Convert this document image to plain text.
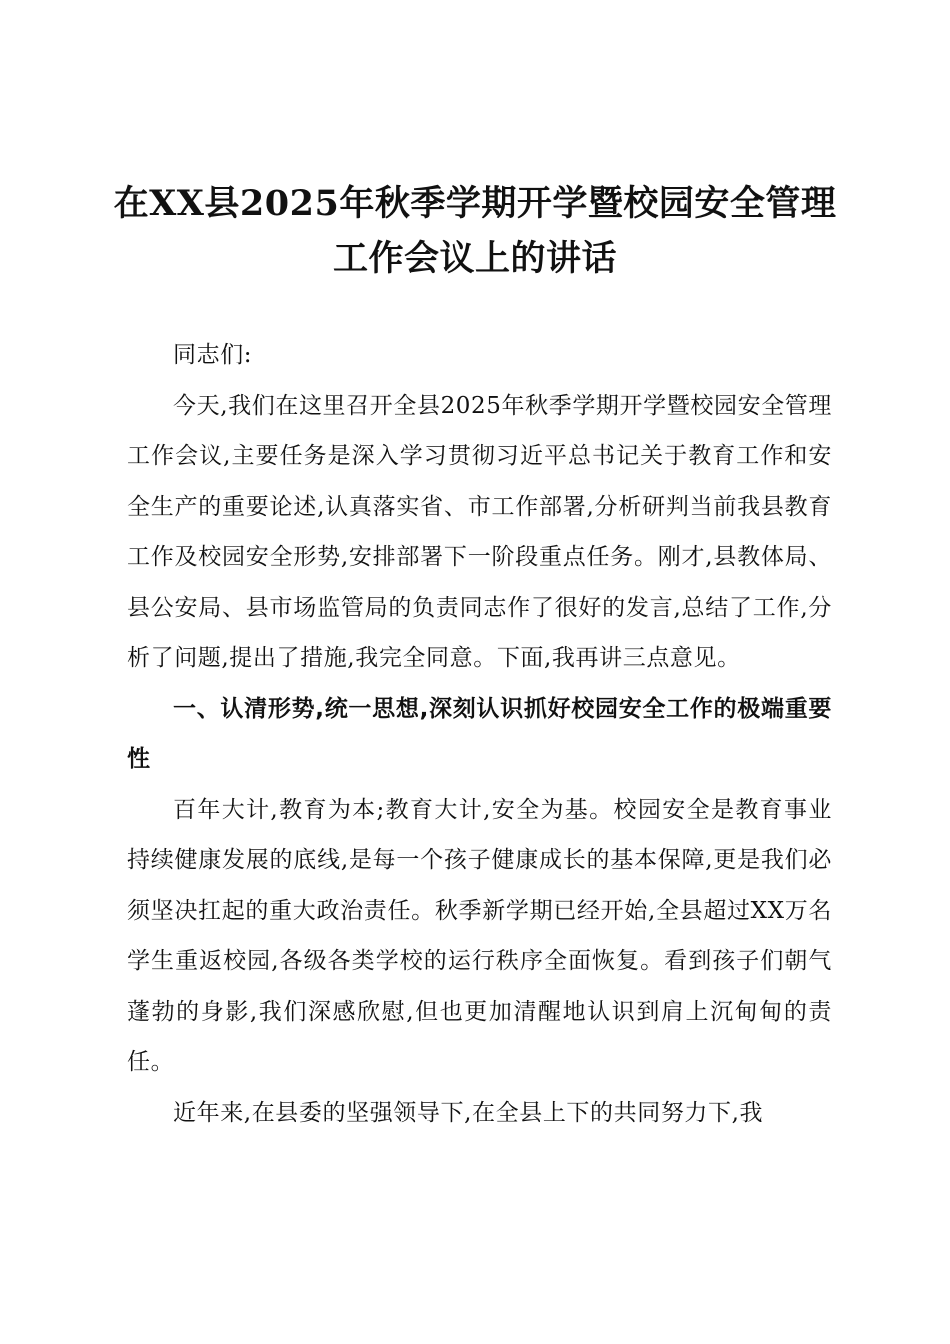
在XX县2025年秋季学期开学暨校园安全管理工作会议上的讲话

同志们:

今天,我们在这里召开全县2025年秋季学期开学暨校园安全管理工作会议,主要任务是深入学习贯彻习近平总书记关于教育工作和安全生产的重要论述,认真落实省、市工作部署,分析研判当前我县教育工作及校园安全形势,安排部署下一阶段重点任务。刚才,县教体局、县公安局、县市场监管局的负责同志作了很好的发言,总结了工作,分析了问题,提出了措施,我完全同意。下面,我再讲三点意见。

一、认清形势,统一思想,深刻认识抓好校园安全工作的极端重要性

百年大计,教育为本;教育大计,安全为基。校园安全是教育事业持续健康发展的底线,是每一个孩子健康成长的基本保障,更是我们必须坚决扛起的重大政治责任。秋季新学期已经开始,全县超过XX万名学生重返校园,各级各类学校的运行秩序全面恢复。看到孩子们朝气蓬勃的身影,我们深感欣慰,但也更加清醒地认识到肩上沉甸甸的责任。

近年来,在县委的坚强领导下,在全县上下的共同努力下,我
